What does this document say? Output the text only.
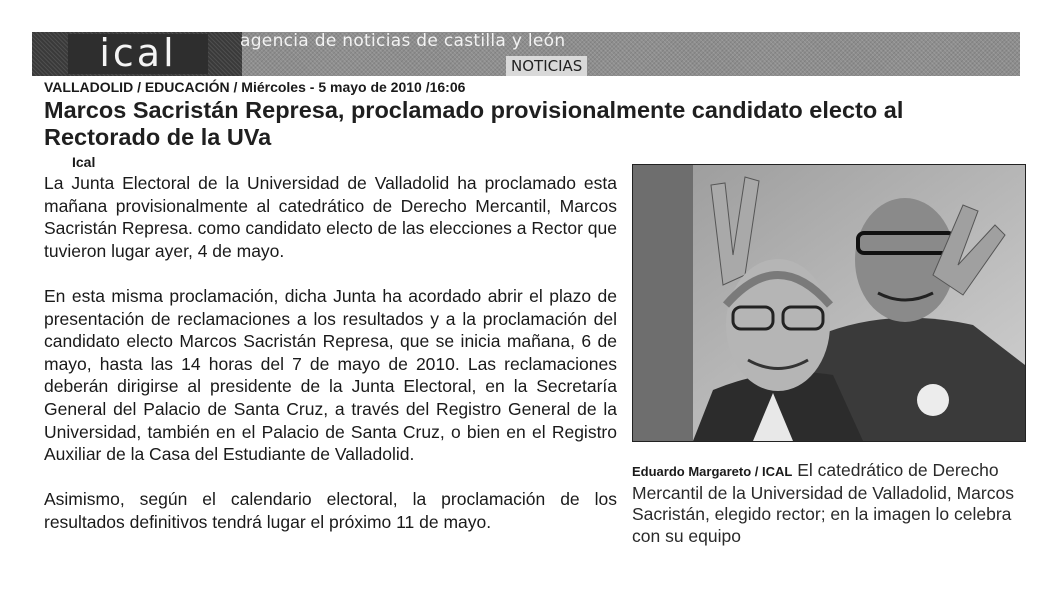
ical	agencia de noticias de castilla y león
NOTICIAS
VALLADOLID / EDUCACIÓN / Miércoles - 5 mayo de 2010 /16:06
Marcos Sacristán Represa, proclamado provisionalmente candidato electo al Rectorado de la UVa
Ical

La Junta Electoral de la Universidad de Valladolid ha proclamado esta mañana provisionalmente al catedrático de Derecho Mercantil, Marcos Sacristán Represa. como candidato electo de las elecciones a Rector que tuvieron lugar ayer, 4 de mayo.

En esta misma proclamación, dicha Junta ha acordado abrir el plazo de presentación de reclamaciones a los resultados y a la proclamación del candidato electo Marcos Sacristán Represa, que se inicia mañana, 6 de mayo, hasta las 14 horas del 7 de mayo de 2010. Las reclamaciones deberán dirigirse al presidente de la Junta Electoral, en la Secretaría General del Palacio de Santa Cruz, a través del Registro General de la Universidad, también en el Palacio de Santa Cruz, o bien en el Registro Auxiliar de la Casa del Estudiante de Valladolid.

Asimismo, según el calendario electoral, la proclamación de los resultados definitivos tendrá lugar el próximo 11 de mayo.

Eduardo Margareto / ICAL El catedrático de Derecho Mercantil de la Universidad de Valladolid, Marcos Sacristán, elegido rector; en la imagen lo celebra con su equipo
